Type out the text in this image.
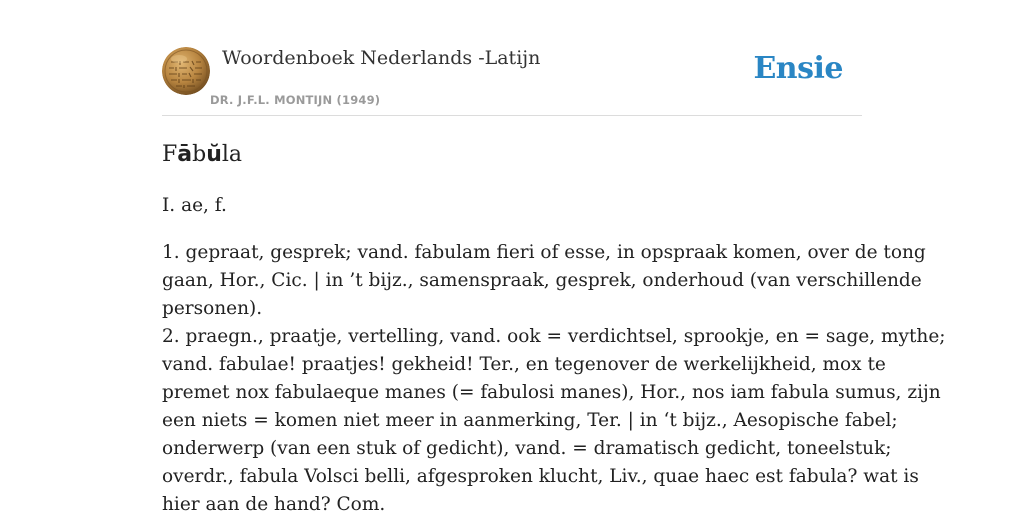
Woordenboek Nederlands -Latijn
DR. J.F.L. MONTIJN (1949)
Ensie
Fābŭla

I. ae, f.

1. gepraat, gesprek; vand. fabulam fieri of esse, in opspraak komen, over de tong
gaan, Hor., Cic. | in ’t bijz., samenspraak, gesprek, onderhoud (van verschillende
personen).
2. praegn., praatje, vertelling, vand. ook = verdichtsel, sprookje, en = sage, mythe;
vand. fabulae! praatjes! gekheid! Ter., en tegenover de werkelijkheid, mox te
premet nox fabulaeque manes (= fabulosi manes), Hor., nos iam fabula sumus, zijn
een niets = komen niet meer in aanmerking, Ter. | in ‘t bijz., Aesopische fabel;
onderwerp (van een stuk of gedicht), vand. = dramatisch gedicht, toneelstuk;
overdr., fabula Volsci belli, afgesproken klucht, Liv., quae haec est fabula? wat is
hier aan de hand? Com.
